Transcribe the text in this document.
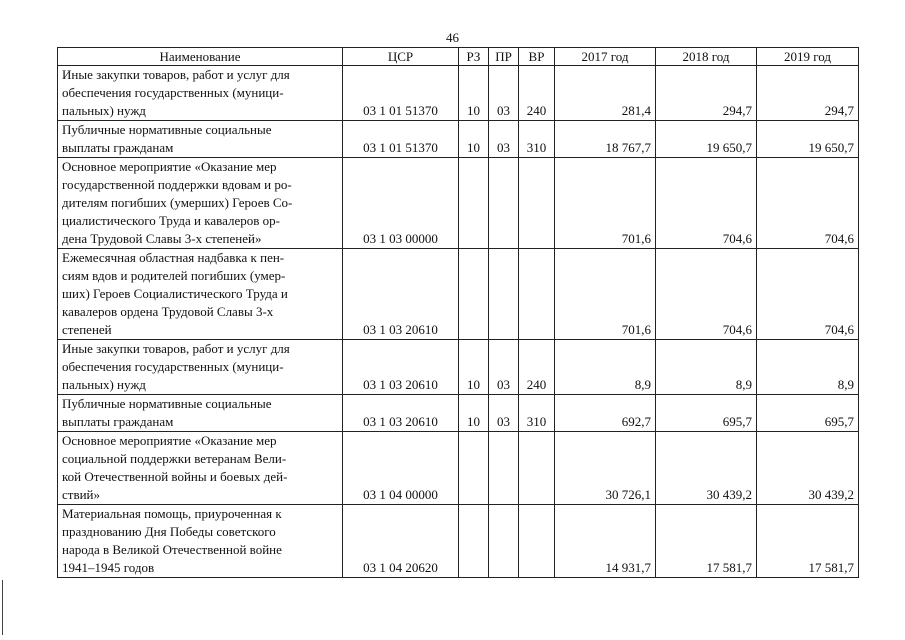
46
Наименование	ЦСР	РЗ	ПР	ВР	2017 год	2018 год	2019 год

Иные закупки товаров, работ и услуг для
обеспечения государственных (муници-
пальных) нужд	03 1 01 51370	10	03	240	281,4	294,7	294,7

Публичные нормативные социальные
выплаты гражданам	03 1 01 51370	10	03	310	18 767,7	19 650,7	19 650,7

Основное мероприятие «Оказание мер
государственной поддержки вдовам и ро-
дителям погибших (умерших) Героев Со-
циалистического Труда и кавалеров ор-
дена Трудовой Славы 3-х степеней»	03 1 03 00000				701,6	704,6	704,6

Ежемесячная областная надбавка к пен-
сиям вдов и родителей погибших (умер-
ших) Героев Социалистического Труда и
кавалеров ордена Трудовой Славы 3-х
степеней	03 1 03 20610				701,6	704,6	704,6

Иные закупки товаров, работ и услуг для
обеспечения государственных (муници-
пальных) нужд	03 1 03 20610	10	03	240	8,9	8,9	8,9

Публичные нормативные социальные
выплаты гражданам	03 1 03 20610	10	03	310	692,7	695,7	695,7

Основное мероприятие «Оказание мер
социальной поддержки ветеранам Вели-
кой Отечественной войны и боевых дей-
ствий»	03 1 04 00000				30 726,1	30 439,2	30 439,2

Материальная помощь, приуроченная к
празднованию Дня Победы советского
народа в Великой Отечественной войне
1941–1945 годов	03 1 04 20620				14 931,7	17 581,7	17 581,7
